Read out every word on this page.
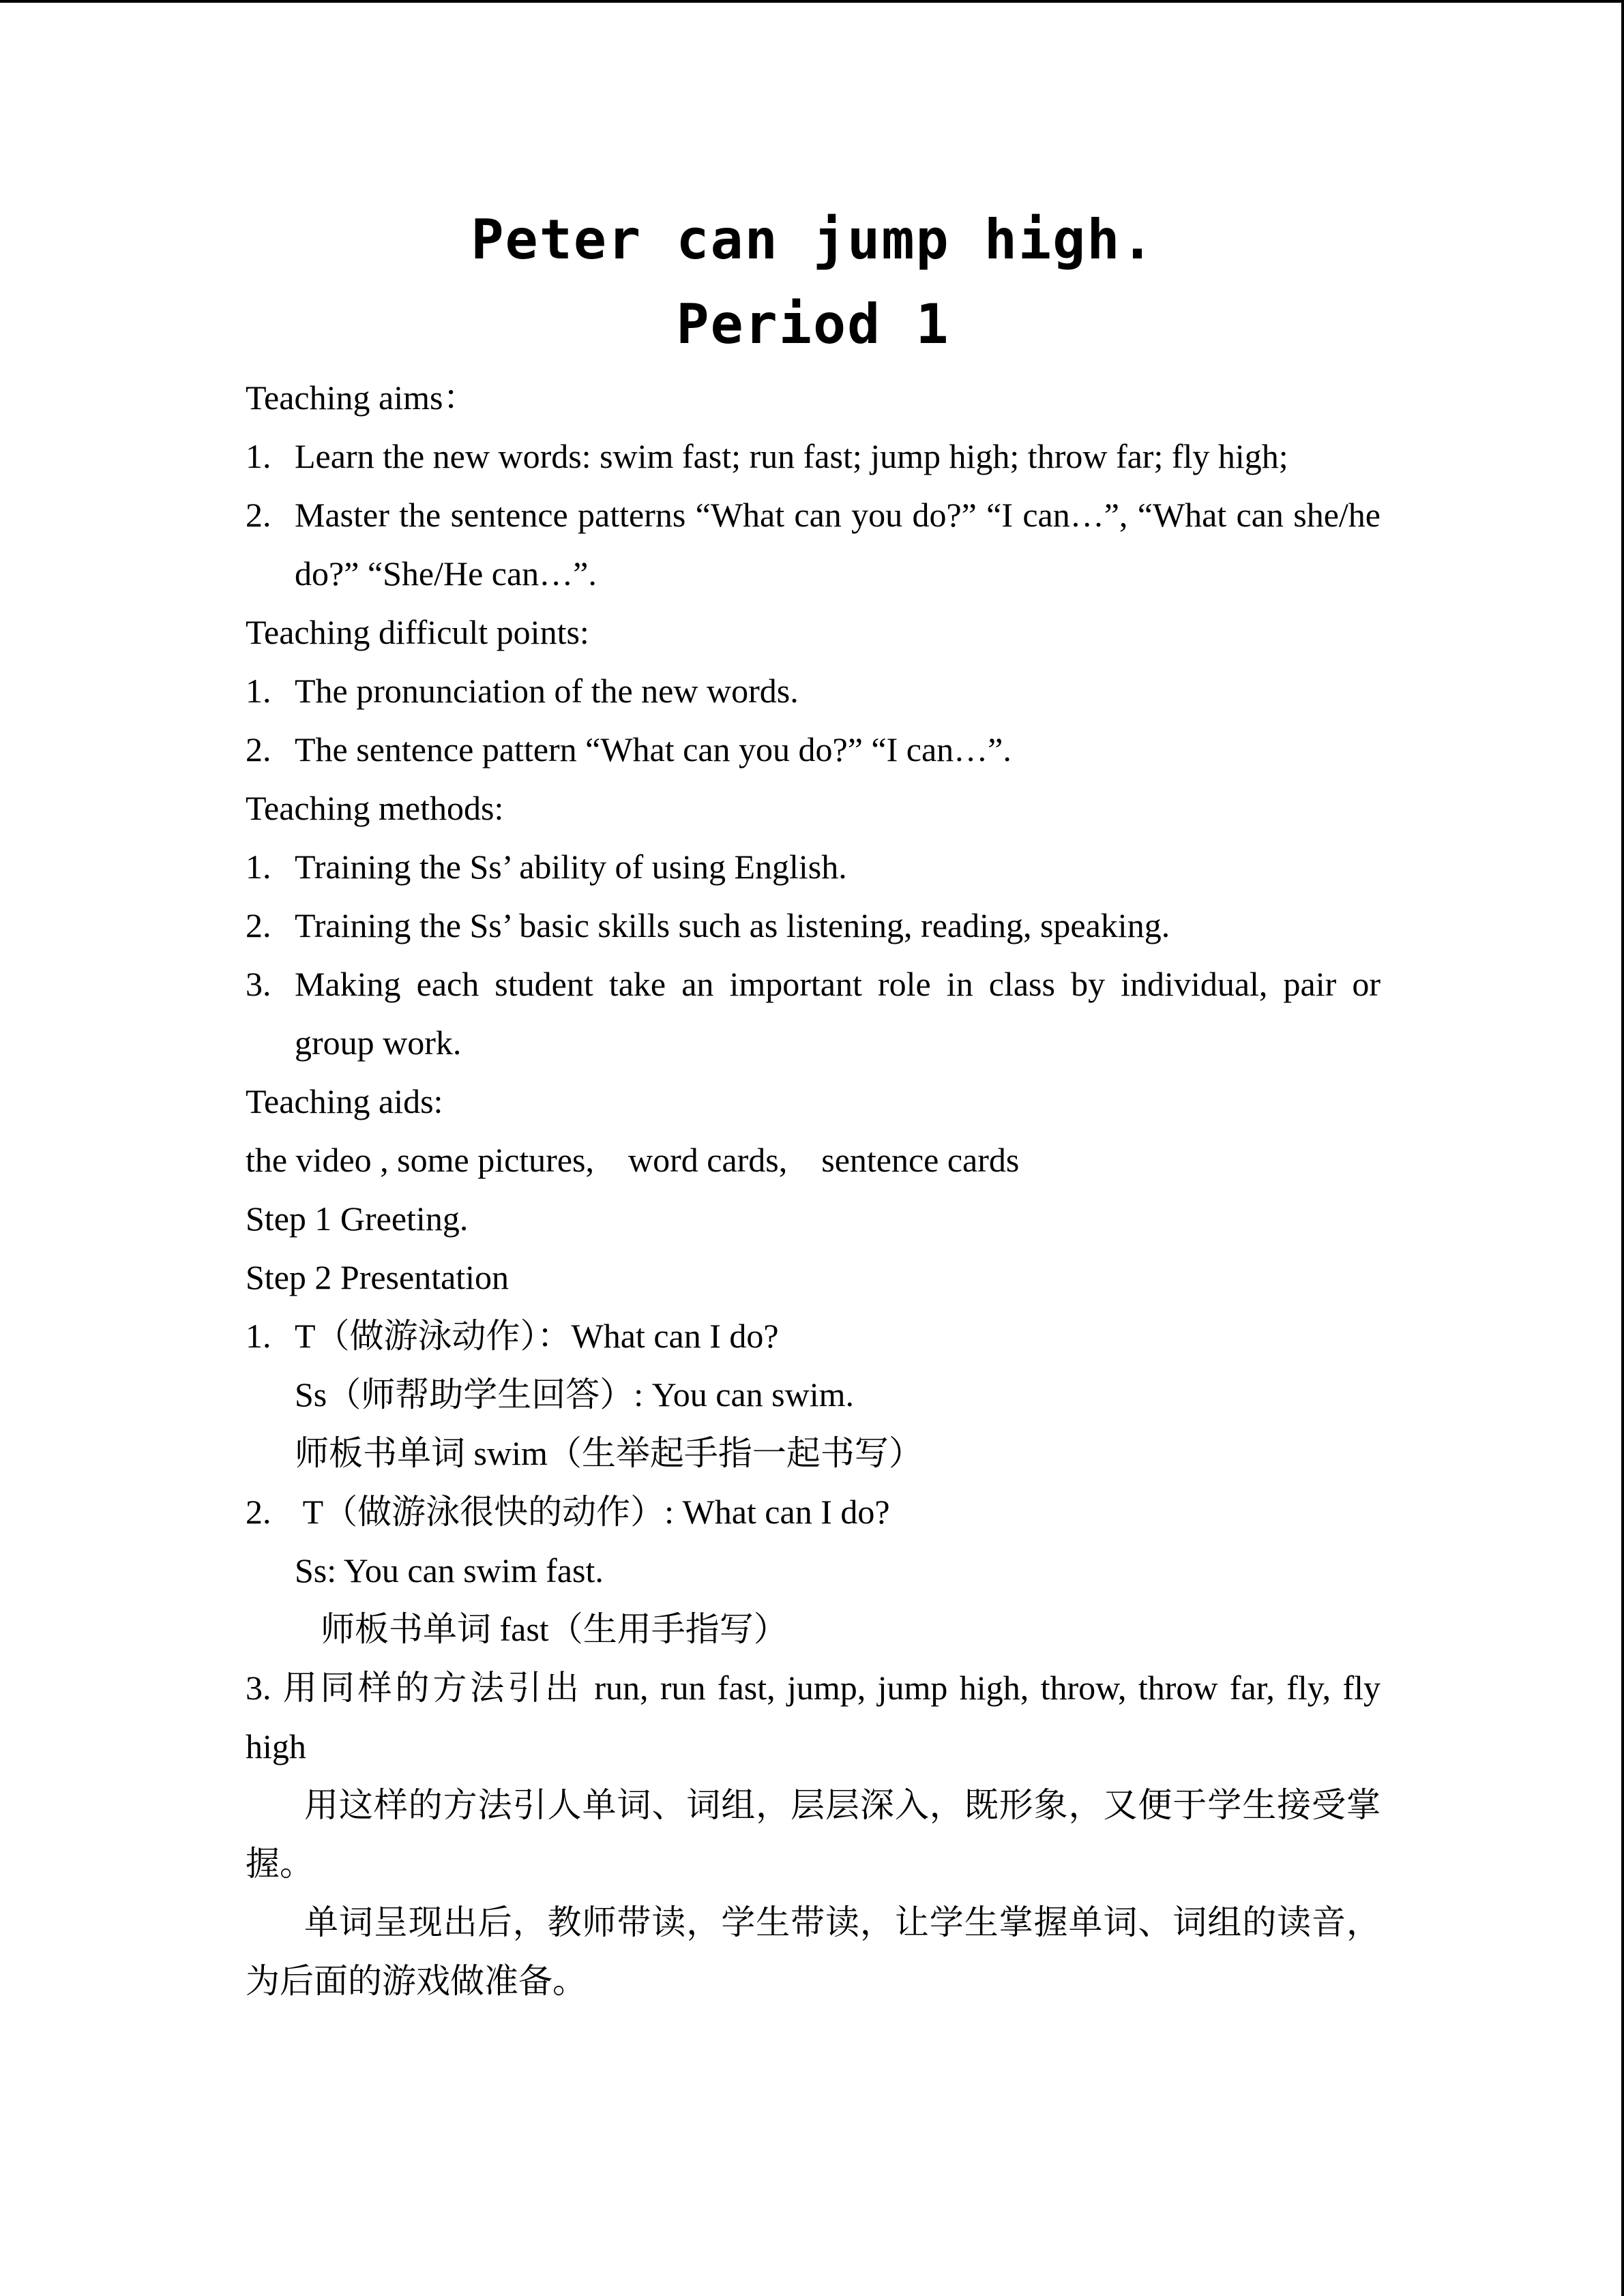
Peter can jump high.
Period 1
Teaching aims：
1. Learn the new words: swim fast; run fast; jump high; throw far; fly high;
2. Master the sentence patterns “What can you do?” “I can…”, “What can she/he do?” “She/He can…”.
Teaching difficult points:
1. The pronunciation of the new words.
2. The sentence pattern “What can you do?” “I can…”.
Teaching methods:
1. Training the Ss’ ability of using English.
2. Training the Ss’ basic skills such as listening, reading, speaking.
3. Making each student take an important role in class by individual, pair or group work.
Teaching aids:
the video , some pictures,    word cards,    sentence cards
Step 1 Greeting.
Step 2 Presentation
1. T（做游泳动作）：What can I do?
Ss（师帮助学生回答）: You can swim.
师板书单词 swim（生举起手指一起书写）
2. T（做游泳很快的动作）: What can I do?
Ss: You can swim fast.
师板书单词 fast（生用手指写）
3. 用同样的方法引出 run, run fast, jump, jump high, throw, throw far, fly, fly high
用这样的方法引人单词、词组，层层深入，既形象，又便于学生接受掌握。
单词呈现出后，教师带读，学生带读，让学生掌握单词、词组的读音，为后面的游戏做准备。
